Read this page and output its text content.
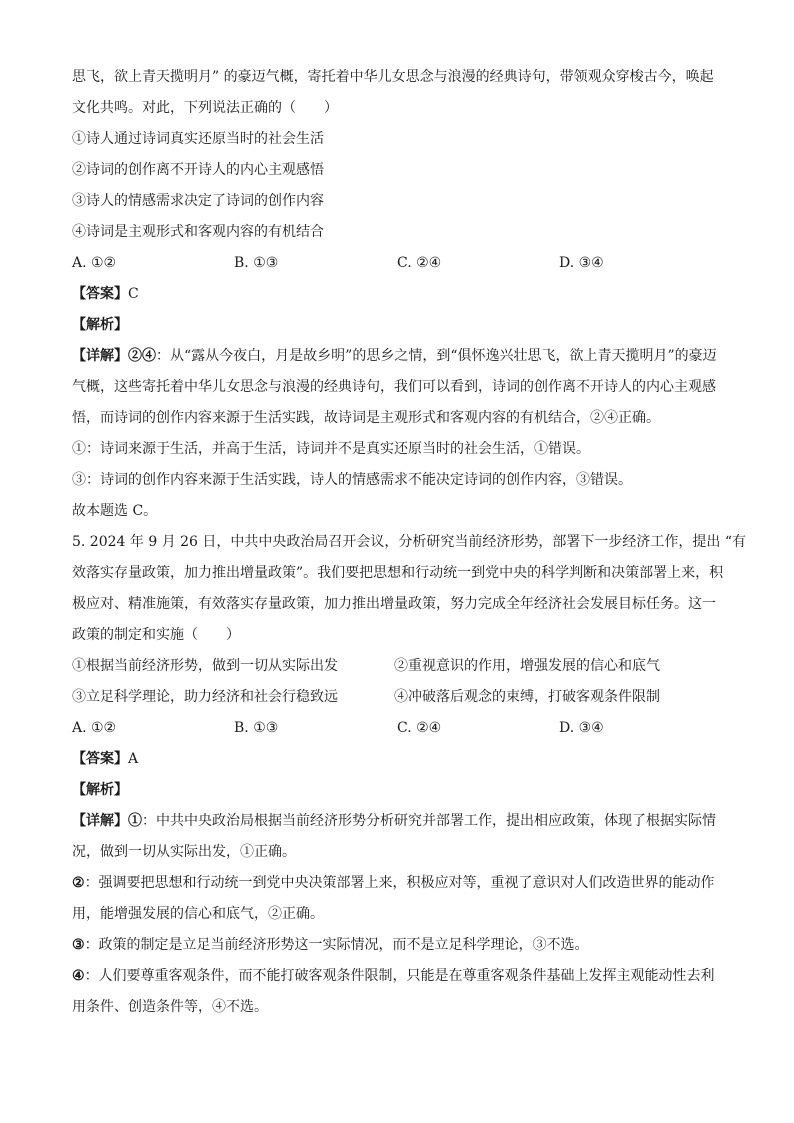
思飞，欲上青天揽明月” 的豪迈气概，寄托着中华儿女思念与浪漫的经典诗句，带领观众穿梭古今，唤起
文化共鸣。对此，下列说法正确的（　　）
①诗人通过诗词真实还原当时的社会生活
②诗词的创作离不开诗人的内心主观感悟
③诗人的情感需求决定了诗词的创作内容
④诗词是主观形式和客观内容的有机结合
A. ①②	B. ①③	C. ②④	D. ③④
【答案】C
【解析】
【详解】②④：从“露从今夜白，月是故乡明”的思乡之情，到“俱怀逸兴壮思飞，欲上青天揽明月”的豪迈
气概，这些寄托着中华儿女思念与浪漫的经典诗句，我们可以看到，诗词的创作离不开诗人的内心主观感
悟，而诗词的创作内容来源于生活实践，故诗词是主观形式和客观内容的有机结合，②④正确。
①：诗词来源于生活，并高于生活，诗词并不是真实还原当时的社会生活，①错误。
③：诗词的创作内容来源于生活实践，诗人的情感需求不能决定诗词的创作内容，③错误。
故本题选 C。
5. 2024 年 9 月 26 日，中共中央政治局召开会议，分析研究当前经济形势，部署下一步经济工作，提出 “有
效落实存量政策，加力推出增量政策”。我们要把思想和行动统一到党中央的科学判断和决策部署上来，积
极应对、精准施策，有效落实存量政策，加力推出增量政策，努力完成全年经济社会发展目标任务。这一
政策的制定和实施（　　）
①根据当前经济形势，做到一切从实际出发	②重视意识的作用，增强发展的信心和底气
③立足科学理论，助力经济和社会行稳致远	④冲破落后观念的束缚，打破客观条件限制
A. ①②	B. ①③	C. ②④	D. ③④
【答案】A
【解析】
【详解】①：中共中央政治局根据当前经济形势分析研究并部署工作，提出相应政策，体现了根据实际情
况，做到一切从实际出发，①正确。
②：强调要把思想和行动统一到党中央决策部署上来，积极应对等，重视了意识对人们改造世界的能动作
用，能增强发展的信心和底气，②正确。
③：政策的制定是立足当前经济形势这一实际情况，而不是立足科学理论，③不选。
④：人们要尊重客观条件，而不能打破客观条件限制，只能是在尊重客观条件基础上发挥主观能动性去利
用条件、创造条件等，④不选。
